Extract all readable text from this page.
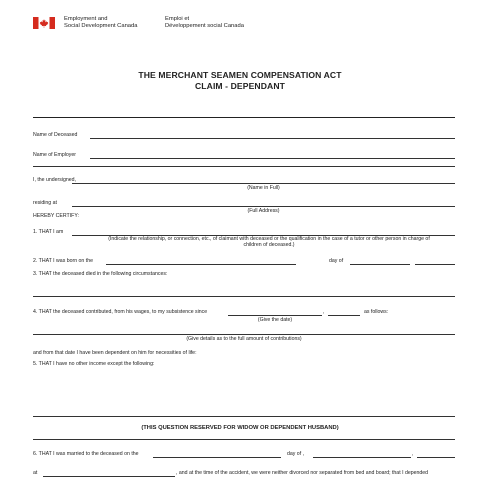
Employment and
Social Development Canada
Emploi et
Développement social Canada
THE MERCHANT SEAMEN COMPENSATION ACT
CLAIM - DEPENDANT
Name of Deceased
Name of Employer
I, the undersigned,
(Name in Full)
residing at
(Full Address)
HEREBY CERTIFY:
1. THAT I am
(Indicate the relationship, or connection, etc., of claimant with deceased or the qualification in the case of a tutor or other person in charge of
children of deceased.)
2. THAT I was born on the	day of
3. THAT the deceased died in the following circumstances:
4. THAT the deceased contributed, from his wages, to my subsistence since	,	as follows:
(Give the date)
(Give details as to the full amount of contributions)
and from that date I have been dependent on him for necessities of life:
5. THAT I have no other income except the following:
(THIS QUESTION RESERVED FOR WIDOW OR DEPENDENT HUSBAND)
6. THAT I was married to the deceased on the	day of ,	,
at	, and at the time of the accident, we were neither divorced nor separated from bed and board; that I depended
